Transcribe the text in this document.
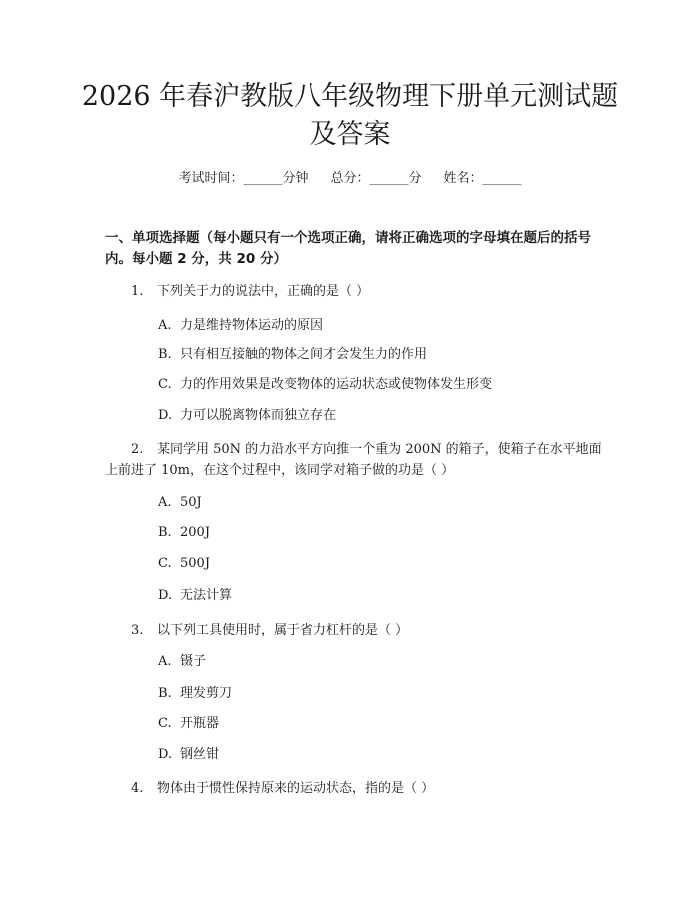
2026 年春沪教版八年级物理下册单元测试题及答案
考试时间：______分钟 总分：______分 姓名：______
一、单项选择题（每小题只有一个选项正确，请将正确选项的字母填在题后的括号内。每小题 2 分，共 20 分）
1. 下列关于力的说法中，正确的是（ ）
A. 力是维持物体运动的原因
B. 只有相互接触的物体之间才会发生力的作用
C. 力的作用效果是改变物体的运动状态或使物体发生形变
D. 力可以脱离物体而独立存在
2. 某同学用 50N 的力沿水平方向推一个重为 200N 的箱子，使箱子在水平地面上前进了 10m，在这个过程中，该同学对箱子做的功是（ ）
A. 50J
B. 200J
C. 500J
D. 无法计算
3. 以下列工具使用时，属于省力杠杆的是（ ）
A. 镊子
B. 理发剪刀
C. 开瓶器
D. 钢丝钳
4. 物体由于惯性保持原来的运动状态，指的是（ ）
